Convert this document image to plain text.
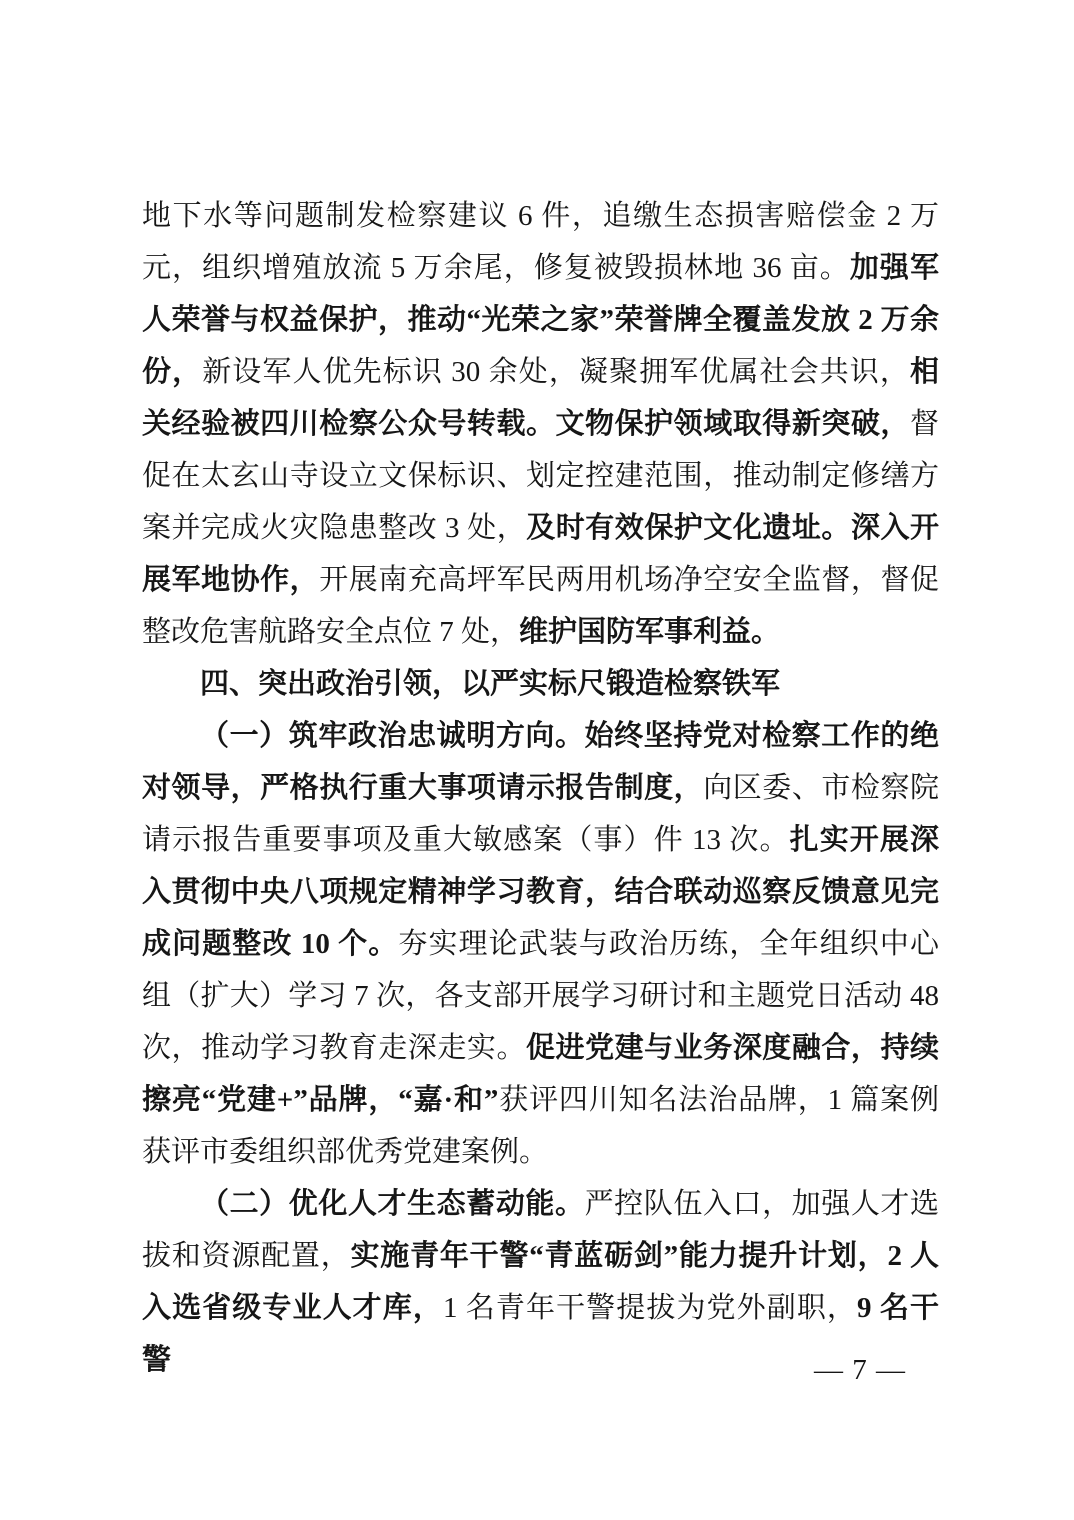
地下水等问题制发检察建议 6 件，追缴生态损害赔偿金 2 万元，组织增殖放流 5 万余尾，修复被毁损林地 36 亩。加强军人荣誉与权益保护，推动“光荣之家”荣誉牌全覆盖发放 2 万余份，新设军人优先标识 30 余处，凝聚拥军优属社会共识，相关经验被四川检察公众号转载。文物保护领域取得新突破，督促在太玄山寺设立文保标识、划定控建范围，推动制定修缮方案并完成火灾隐患整改 3 处，及时有效保护文化遗址。深入开展军地协作，开展南充高坪军民两用机场净空安全监督，督促整改危害航路安全点位 7 处，维护国防军事利益。

四、突出政治引领，以严实标尺锻造检察铁军

（一）筑牢政治忠诚明方向。始终坚持党对检察工作的绝对领导，严格执行重大事项请示报告制度，向区委、市检察院请示报告重要事项及重大敏感案（事）件 13 次。扎实开展深入贯彻中央八项规定精神学习教育，结合联动巡察反馈意见完成问题整改 10 个。夯实理论武装与政治历练，全年组织中心组（扩大）学习 7 次，各支部开展学习研讨和主题党日活动 48 次，推动学习教育走深走实。促进党建与业务深度融合，持续擦亮“党建+”品牌，“嘉·和”获评四川知名法治品牌，1 篇案例获评市委组织部优秀党建案例。

（二）优化人才生态蓄动能。严控队伍入口，加强人才选拔和资源配置，实施青年干警“青蓝砺剑”能力提升计划，2 人入选省级专业人才库，1 名青年干警提拔为党外副职，9 名干警	— 7 —
